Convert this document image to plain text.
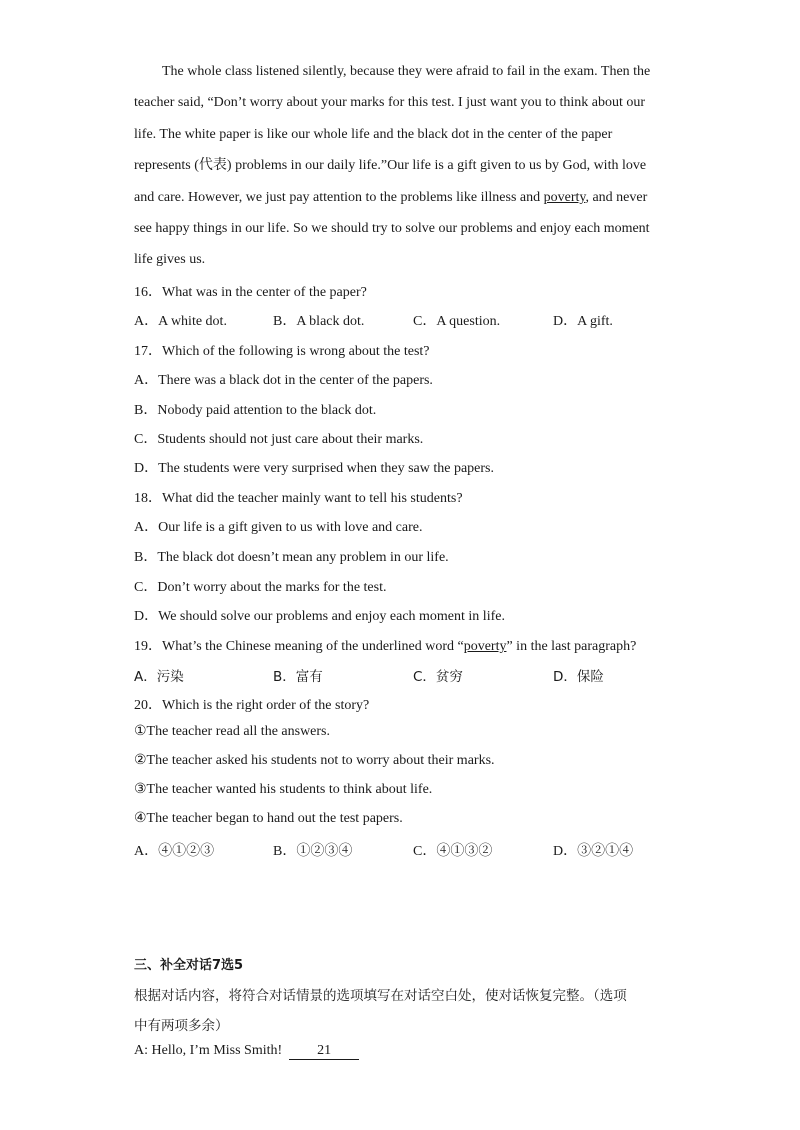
The whole class listened silently, because they were afraid to fail in the exam. Then the teacher said, “Don’t worry about your marks for this test. I just want you to think about our life. The white paper is like our whole life and the black dot in the center of the paper represents (代表) problems in our daily life.”Our life is a gift given to us by God, with love and care. However, we just pay attention to the problems like illness and poverty, and never see happy things in our life. So we should try to solve our problems and enjoy each moment life gives us.

16．What was in the center of the paper?
A．A white dot.	B．A black dot.	C．A question.	D．A gift.
17．Which of the following is wrong about the test?
A．There was a black dot in the center of the papers.
B．Nobody paid attention to the black dot.
C．Students should not just care about their marks.
D．The students were very surprised when they saw the papers.
18．What did the teacher mainly want to tell his students?
A．Our life is a gift given to us with love and care.
B．The black dot doesn’t mean any problem in our life.
C．Don’t worry about the marks for the test.
D．We should solve our problems and enjoy each moment in life.
19．What’s the Chinese meaning of the underlined word “poverty” in the last paragraph?
A．污染	B．富有	C．贫穷	D．保险
20．Which is the right order of the story?
①The teacher read all the answers.
②The teacher asked his students not to worry about their marks.
③The teacher wanted his students to think about life.
④The teacher began to hand out the test papers.
A．④①②③	B．①②③④	C．④①③②	D．③②①④
三、补全对话7选5
根据对话内容，将符合对话情景的选项填写在对话空白处，使对话恢复完整。（选项
中有两项多余）
A: Hello, I’m Miss Smith!	21
